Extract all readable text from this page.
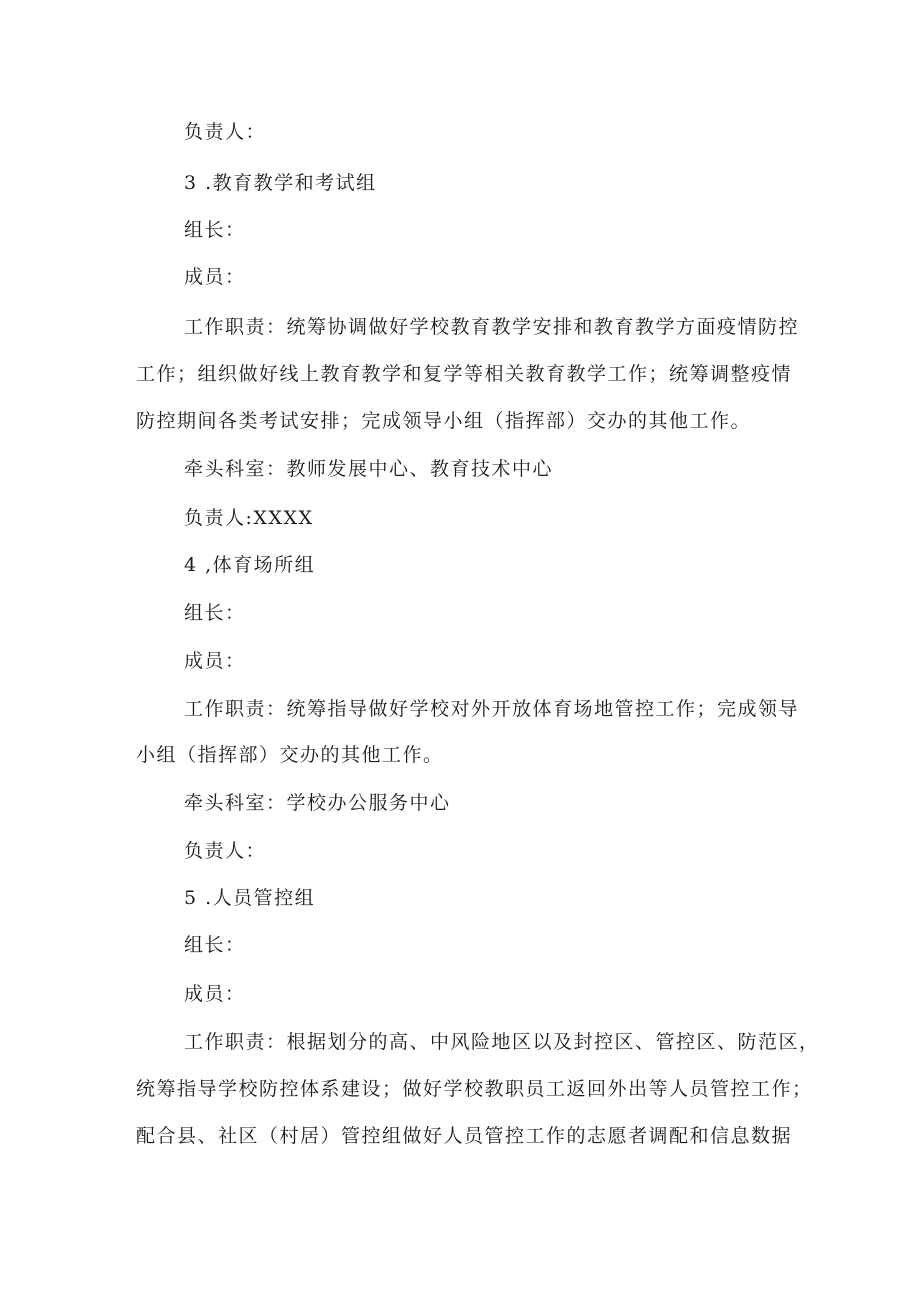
负责人：
3 .教育教学和考试组
组长：
成员：
工作职责：统筹协调做好学校教育教学安排和教育教学方面疫情防控
工作；组织做好线上教育教学和复学等相关教育教学工作；统筹调整疫情
防控期间各类考试安排；完成领导小组（指挥部）交办的其他工作。
牵头科室：教师发展中心、教育技术中心
负责人:XXXX
4 ,体育场所组
组长：
成员：
工作职责：统筹指导做好学校对外开放体育场地管控工作；完成领导
小组（指挥部）交办的其他工作。
牵头科室：学校办公服务中心
负责人：
5 .人员管控组
组长：
成员：
工作职责：根据划分的高、中风险地区以及封控区、管控区、防范区，
统筹指导学校防控体系建设；做好学校教职员工返回外出等人员管控工作；
配合县、社区（村居）管控组做好人员管控工作的志愿者调配和信息数据
